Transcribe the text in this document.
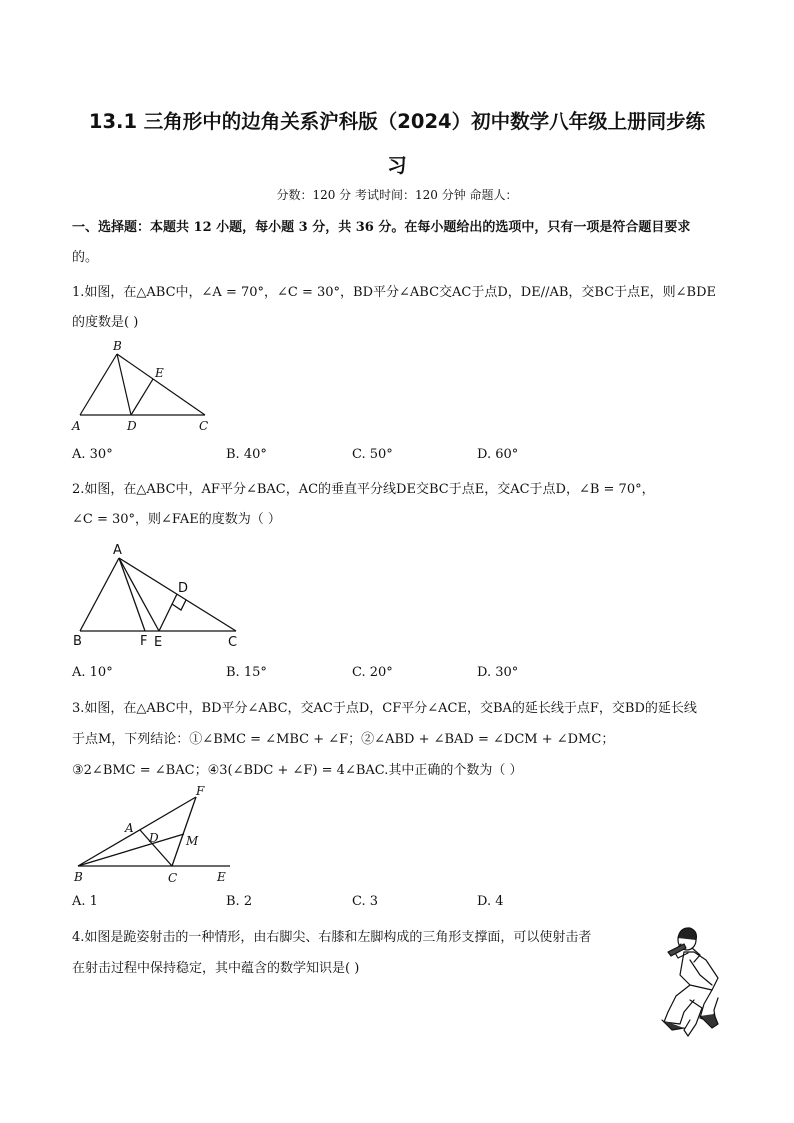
13.1 三角形中的边角关系沪科版（2024）初中数学八年级上册同步练
习
分数：120 分 考试时间：120 分钟 命题人：
一、选择题：本题共 12 小题，每小题 3 分，共 36 分。在每小题给出的选项中，只有一项是符合题目要求
的。
1.如图，在△ABC中，∠A = 70°，∠C = 30°，BD平分∠ABC交AC于点D，DE//AB，交BC于点E，则∠BDE
的度数是( )
B
E
A	D	C
A. 30°	B. 40°	C. 50°	D. 60°
2.如图，在△ABC中，AF平分∠BAC，AC的垂直平分线DE交BC于点E，交AC于点D，∠B = 70°，
∠C = 30°，则∠FAE的度数为（ ）
A
D
B	F E	C
A. 10°	B. 15°	C. 20°	D. 30°
3.如图，在△ABC中，BD平分∠ABC，交AC于点D，CF平分∠ACE，交BA的延长线于点F，交BD的延长线
于点M，下列结论：①∠BMC = ∠MBC + ∠F；②∠ABD + ∠BAD = ∠DCM + ∠DMC；
③2∠BMC = ∠BAC；④3(∠BDC + ∠F) = 4∠BAC.其中正确的个数为（ ）
F
A
D M
B	C	E
A. 1	B. 2	C. 3	D. 4
4.如图是跪姿射击的一种情形，由右脚尖、右膝和左脚构成的三角形支撑面，可以使射击者
在射击过程中保持稳定，其中蕴含的数学知识是( )
